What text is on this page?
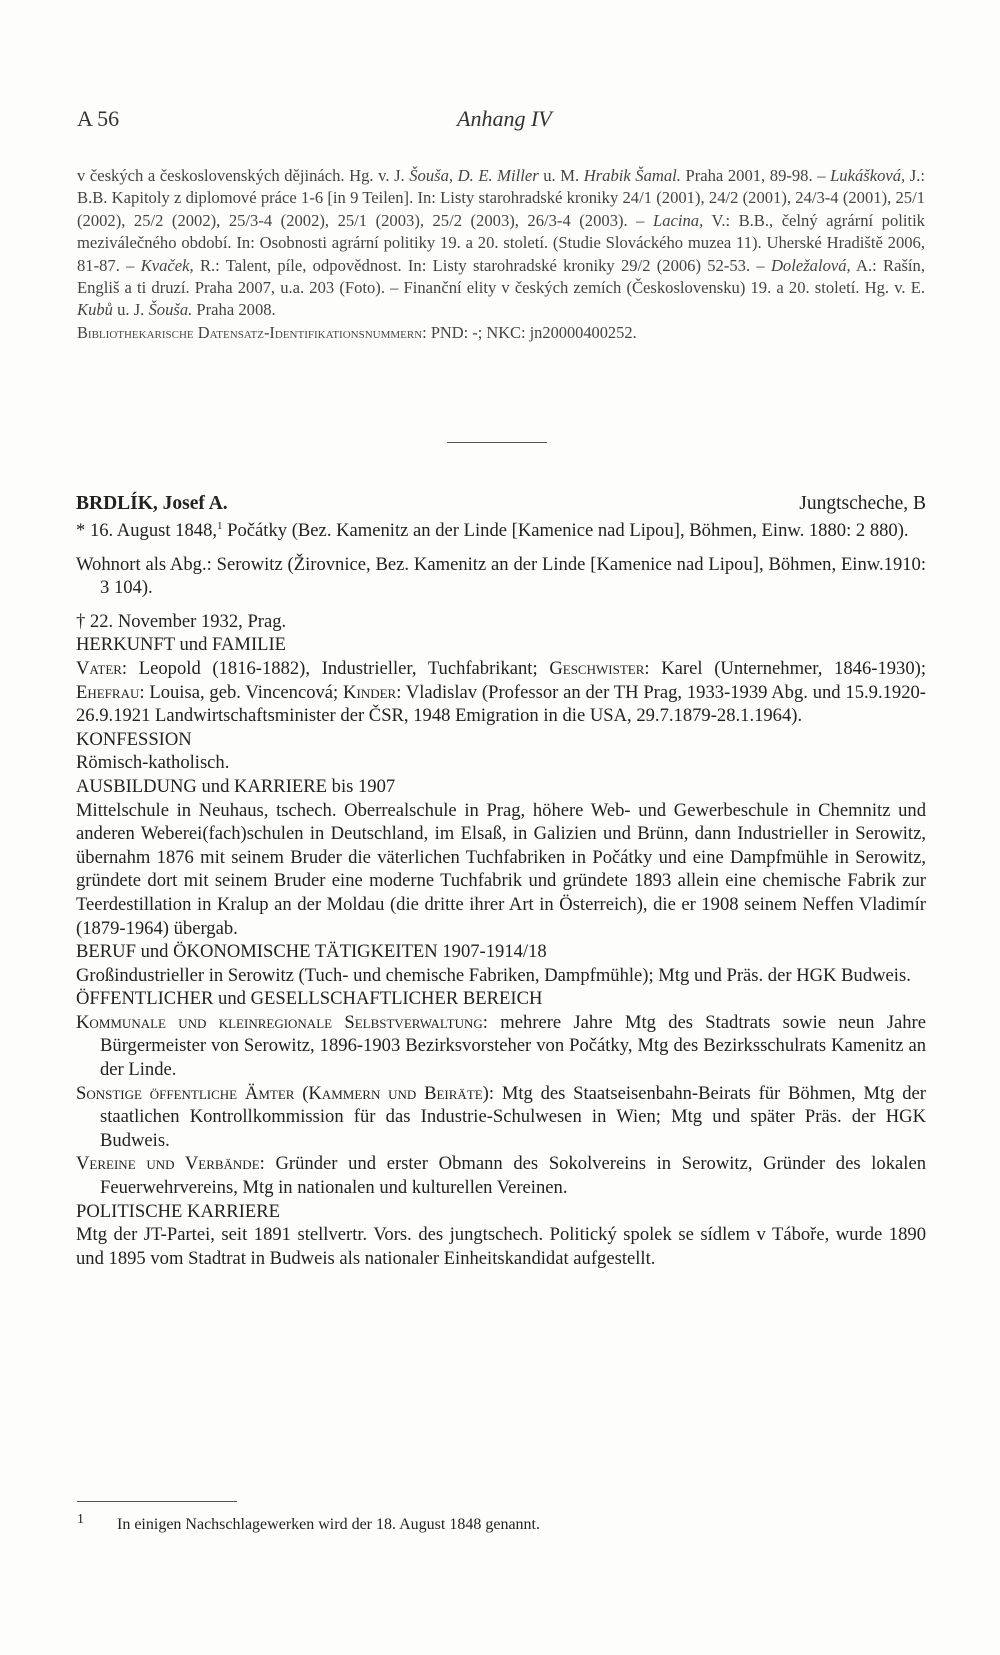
A 56	Anhang IV

v českých a československých dějinách. Hg. v. J. Šouša, D. E. Miller u. M. Hrabik Šamal. Praha 2001, 89-98. – Lukášková, J.: B.B. Kapitoly z diplomové práce 1-6 [in 9 Teilen]. In: Listy starohradské kroniky 24/1 (2001), 24/2 (2001), 24/3-4 (2001), 25/1 (2002), 25/2 (2002), 25/3-4 (2002), 25/1 (2003), 25/2 (2003), 26/3-4 (2003). – Lacina, V.: B.B., čelný agrární politik meziválečného období. In: Osobnosti agrární politiky 19. a 20. století. (Studie Slováckého muzea 11). Uherské Hradiště 2006, 81-87. – Kvaček, R.: Talent, píle, odpovědnost. In: Listy starohradské kroniky 29/2 (2006) 52-53. – Doležalová, A.: Rašín, Engliš a ti druzí. Praha 2007, u.a. 203 (Foto). – Finanční elity v českých zemích (Československu) 19. a 20. století. Hg. v. E. Kubů u. J. Šouša. Praha 2008.

Bibliothekarische Datensatz-Identifikationsnummern: PND: -; NKC: jn20000400252.

BRDLÍK, Josef A.	Jungtscheche, B

* 16. August 1848,$^1$ Počátky (Bez. Kamenitz an der Linde [Kamenice nad Lipou], Böhmen, Einw. 1880: 2 880).

Wohnort als Abg.: Serowitz (Žirovnice, Bez. Kamenitz an der Linde [Kamenice nad Lipou], Böhmen, Einw.1910: 3 104).

† 22. November 1932, Prag.

HERKUNFT und FAMILIE

Vater: Leopold (1816-1882), Industrieller, Tuchfabrikant; Geschwister: Karel (Unternehmer, 1846-1930); Ehefrau: Louisa, geb. Vincencová; Kinder: Vladislav (Professor an der TH Prag, 1933-1939 Abg. und 15.9.1920-26.9.1921 Landwirtschaftsminister der ČSR, 1948 Emigration in die USA, 29.7.1879-28.1.1964).

KONFESSION

Römisch-katholisch.

AUSBILDUNG und KARRIERE bis 1907

Mittelschule in Neuhaus, tschech. Oberrealschule in Prag, höhere Web- und Gewerbeschule in Chemnitz und anderen Weberei(fach)schulen in Deutschland, im Elsaß, in Galizien und Brünn, dann Industrieller in Serowitz, übernahm 1876 mit seinem Bruder die väterlichen Tuchfabriken in Počátky und eine Dampfmühle in Serowitz, gründete dort mit seinem Bruder eine moderne Tuchfabrik und gründete 1893 allein eine chemische Fabrik zur Teerdestillation in Kralup an der Moldau (die dritte ihrer Art in Österreich), die er 1908 seinem Neffen Vladimír (1879-1964) übergab.

BERUF und ÖKONOMISCHE TÄTIGKEITEN 1907-1914/18

Großindustrieller in Serowitz (Tuch- und chemische Fabriken, Dampfmühle); Mtg und Präs. der HGK Budweis.

ÖFFENTLICHER und GESELLSCHAFTLICHER BEREICH

Kommunale und kleinregionale Selbstverwaltung: mehrere Jahre Mtg des Stadtrats sowie neun Jahre Bürgermeister von Serowitz, 1896-1903 Bezirksvorsteher von Počátky, Mtg des Bezirksschulrats Kamenitz an der Linde.

Sonstige öffentliche Ämter (Kammern und Beiräte): Mtg des Staatseisenbahn-Beirats für Böhmen, Mtg der staatlichen Kontrollkommission für das Industrie-Schulwesen in Wien; Mtg und später Präs. der HGK Budweis.

Vereine und Verbände: Gründer und erster Obmann des Sokolvereins in Serowitz, Gründer des lokalen Feuerwehrvereins, Mtg in nationalen und kulturellen Vereinen.

POLITISCHE KARRIERE

Mtg der JT-Partei, seit 1891 stellvertr. Vors. des jungtschech. Politický spolek se sídlem v Táboře, wurde 1890 und 1895 vom Stadtrat in Budweis als nationaler Einheitskandidat aufgestellt.

1 In einigen Nachschlagewerken wird der 18. August 1848 genannt.
